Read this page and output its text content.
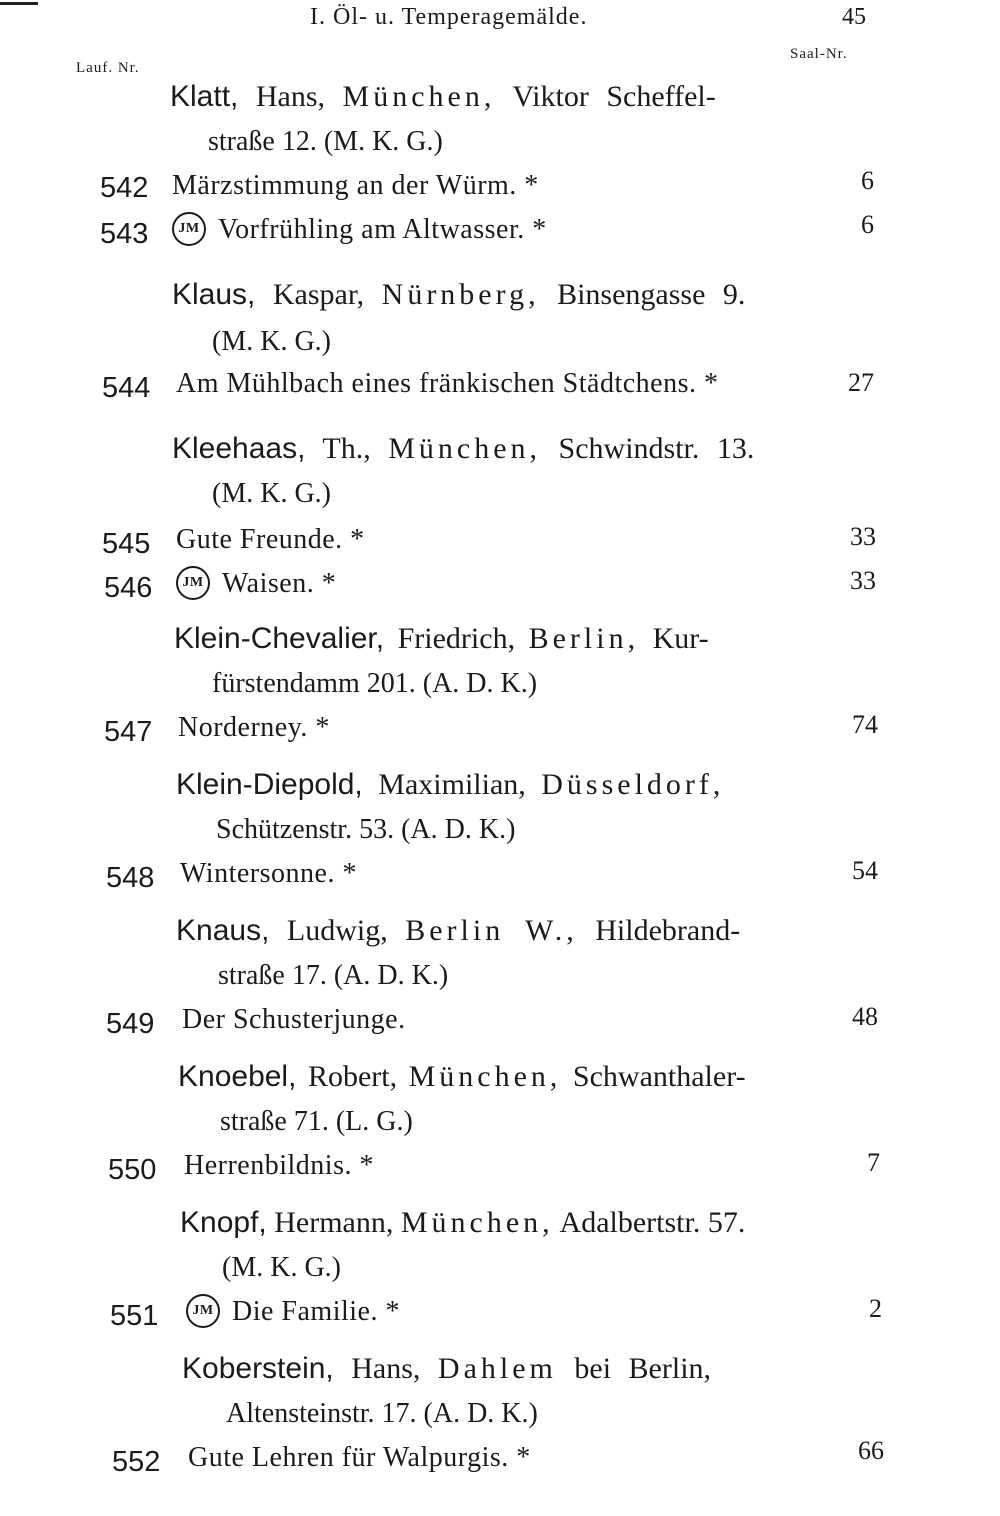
I. Öl- u. Temperagemälde.	45
Lauf. Nr.
Saal-Nr.
Klatt, Hans, München, Viktor Scheffel-
straße 12. (M. K. G.)
542 Märzstimmung an der Würm. *	6
543	JM Vorfrühling am Altwasser. *	6
Klaus, Kaspar, Nürnberg, Binsengasse 9.
(M. K. G.)
544 Am Mühlbach eines fränkischen Städtchens. *	27
Kleehaas, Th., München, Schwindstr. 13.
(M. K. G.)
545 Gute Freunde. *	33
546	JM Waisen. *	33
Klein-Chevalier, Friedrich, Berlin, Kur-
fürstendamm 201. (A. D. K.)
547 Norderney. *	74
Klein-Diepold, Maximilian, Düsseldorf,
Schützenstr. 53. (A. D. K.)
548 Wintersonne. *	54
Knaus, Ludwig, Berlin W., Hildebrand-
straße 17. (A. D. K.)
549 Der Schusterjunge.	48
Knoebel, Robert, München, Schwanthaler-
straße 71. (L. G.)
550 Herrenbildnis. *	7
Knopf, Hermann, München, Adalbertstr. 57.
(M. K. G.)
551	JM Die Familie. *	2
Koberstein, Hans, Dahlem bei Berlin,
Altensteinstr. 17. (A. D. K.)
552 Gute Lehren für Walpurgis. *	66
